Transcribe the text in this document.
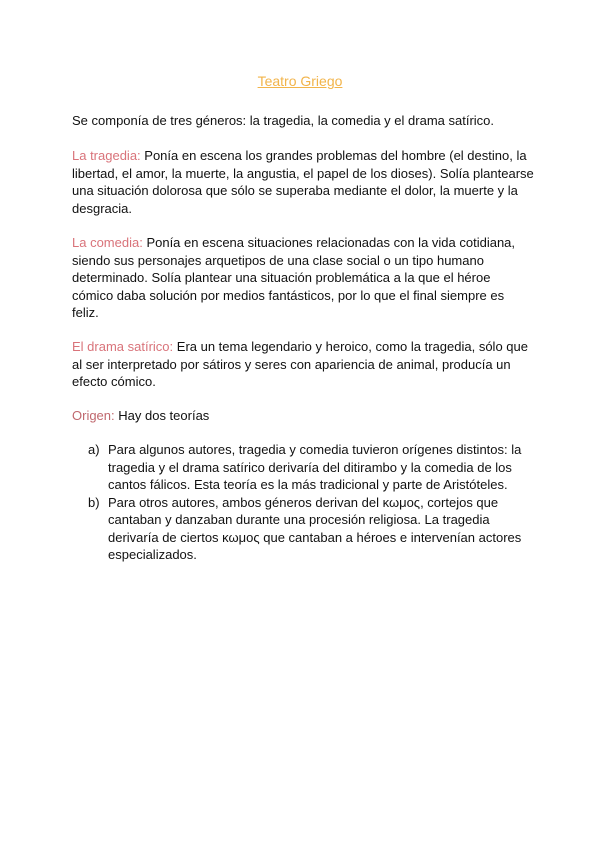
Teatro Griego

Se componía de tres géneros: la tragedia, la comedia y el drama satírico.

La tragedia: Ponía en escena los grandes problemas del hombre (el destino, la libertad, el amor, la muerte, la angustia, el papel de los dioses). Solía plantearse una situación dolorosa que sólo se superaba mediante el dolor, la muerte y la desgracia.

La comedia: Ponía en escena situaciones relacionadas con la vida cotidiana, siendo sus personajes arquetipos de una clase social o un tipo humano determinado. Solía plantear una situación problemática a la que el héroe cómico daba solución por medios fantásticos, por lo que el final siempre es feliz.

El drama satírico: Era un tema legendario y heroico, como la tragedia, sólo que al ser interpretado por sátiros y seres con apariencia de animal, producía un efecto cómico.

Origen: Hay dos teorías

a) Para algunos autores, tragedia y comedia tuvieron orígenes distintos: la tragedia y el drama satírico derivaría del ditirambo y la comedia de los cantos fálicos. Esta teoría es la más tradicional y parte de Aristóteles.
b) Para otros autores, ambos géneros derivan del κωμος, cortejos que cantaban y danzaban durante una procesión religiosa. La tragedia derivaría de ciertos κωμος que cantaban a héroes e intervenían actores especializados.
